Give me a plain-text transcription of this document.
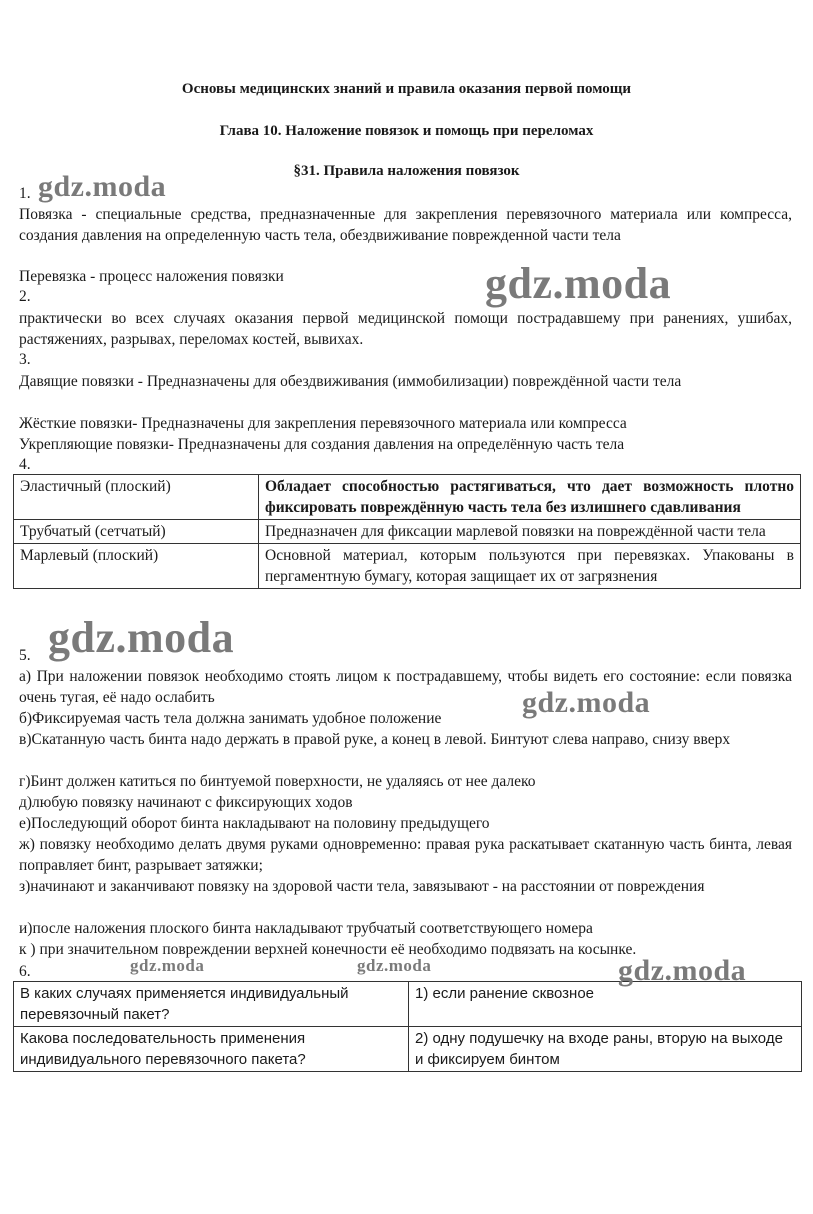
Основы медицинских знаний и правила оказания первой помощи
Глава 10. Наложение повязок и помощь при переломах
§31. Правила наложения повязок
1.

Повязка - специальные средства, предназначенные для закрепления перевязочного материала или компресса, создания давления на определенную часть тела, обездвиживание поврежденной части тела

Перевязка - процесс наложения повязки

2.

практически во всех случаях оказания первой медицинской помощи пострадавшему при ранениях, ушибах, растяжениях, разрывах, переломах костей, вывихах.

3.

Давящие повязки - Предназначены для обездвиживания (иммобилизации) повреждённой части тела

Жёсткие повязки- Предназначены для закрепления перевязочного материала или компресса

Укрепляющие повязки- Предназначены для создания давления на определённую часть тела

4.
Эластичный (плоский)	Обладает способностью растягиваться, что дает возможность плотно фиксировать повреждённую часть тела без излишнего сдавливания
Трубчатый (сетчатый)	Предназначен для фиксации марлевой повязки на повреждённой части тела
Марлевый (плоский)	Основной материал, которым пользуются при перевязках. Упакованы в пергаментную бумагу, которая защищает их от загрязнения
5.

а) При наложении повязок необходимо стоять лицом к пострадавшему, чтобы видеть его состояние: если повязка очень тугая, её надо ослабить

б)Фиксируемая часть тела должна занимать удобное положение

в)Скатанную часть бинта надо держать в правой руке, а конец в левой. Бинтуют слева направо, снизу вверх

г)Бинт должен катиться по бинтуемой поверхности, не удаляясь от нее далеко

д)любую повязку начинают с фиксирующих ходов

е)Последующий оборот бинта накладывают на половину предыдущего

ж) повязку необходимо делать двумя руками одновременно: правая рука раскатывает скатанную часть бинта, левая поправляет бинт, разрывает затяжки;

з)начинают и заканчивают повязку на здоровой части тела, завязывают - на расстоянии от повреждения

и)после наложения плоского бинта накладывают трубчатый соответствующего номера

к ) при значительном повреждении верхней конечности её необходимо подвязать на косынке.

6.
В каких случаях применяется индивидуальный перевязочный пакет?	1) если ранение сквозное
Какова последовательность применения индивидуального перевязочного пакета?	2) одну подушечку на входе раны, вторую на выходе и фиксируем бинтом
gdz.moda
gdz.moda
gdz.moda
gdz.moda
gdz.moda	gdz.moda	gdz.moda
